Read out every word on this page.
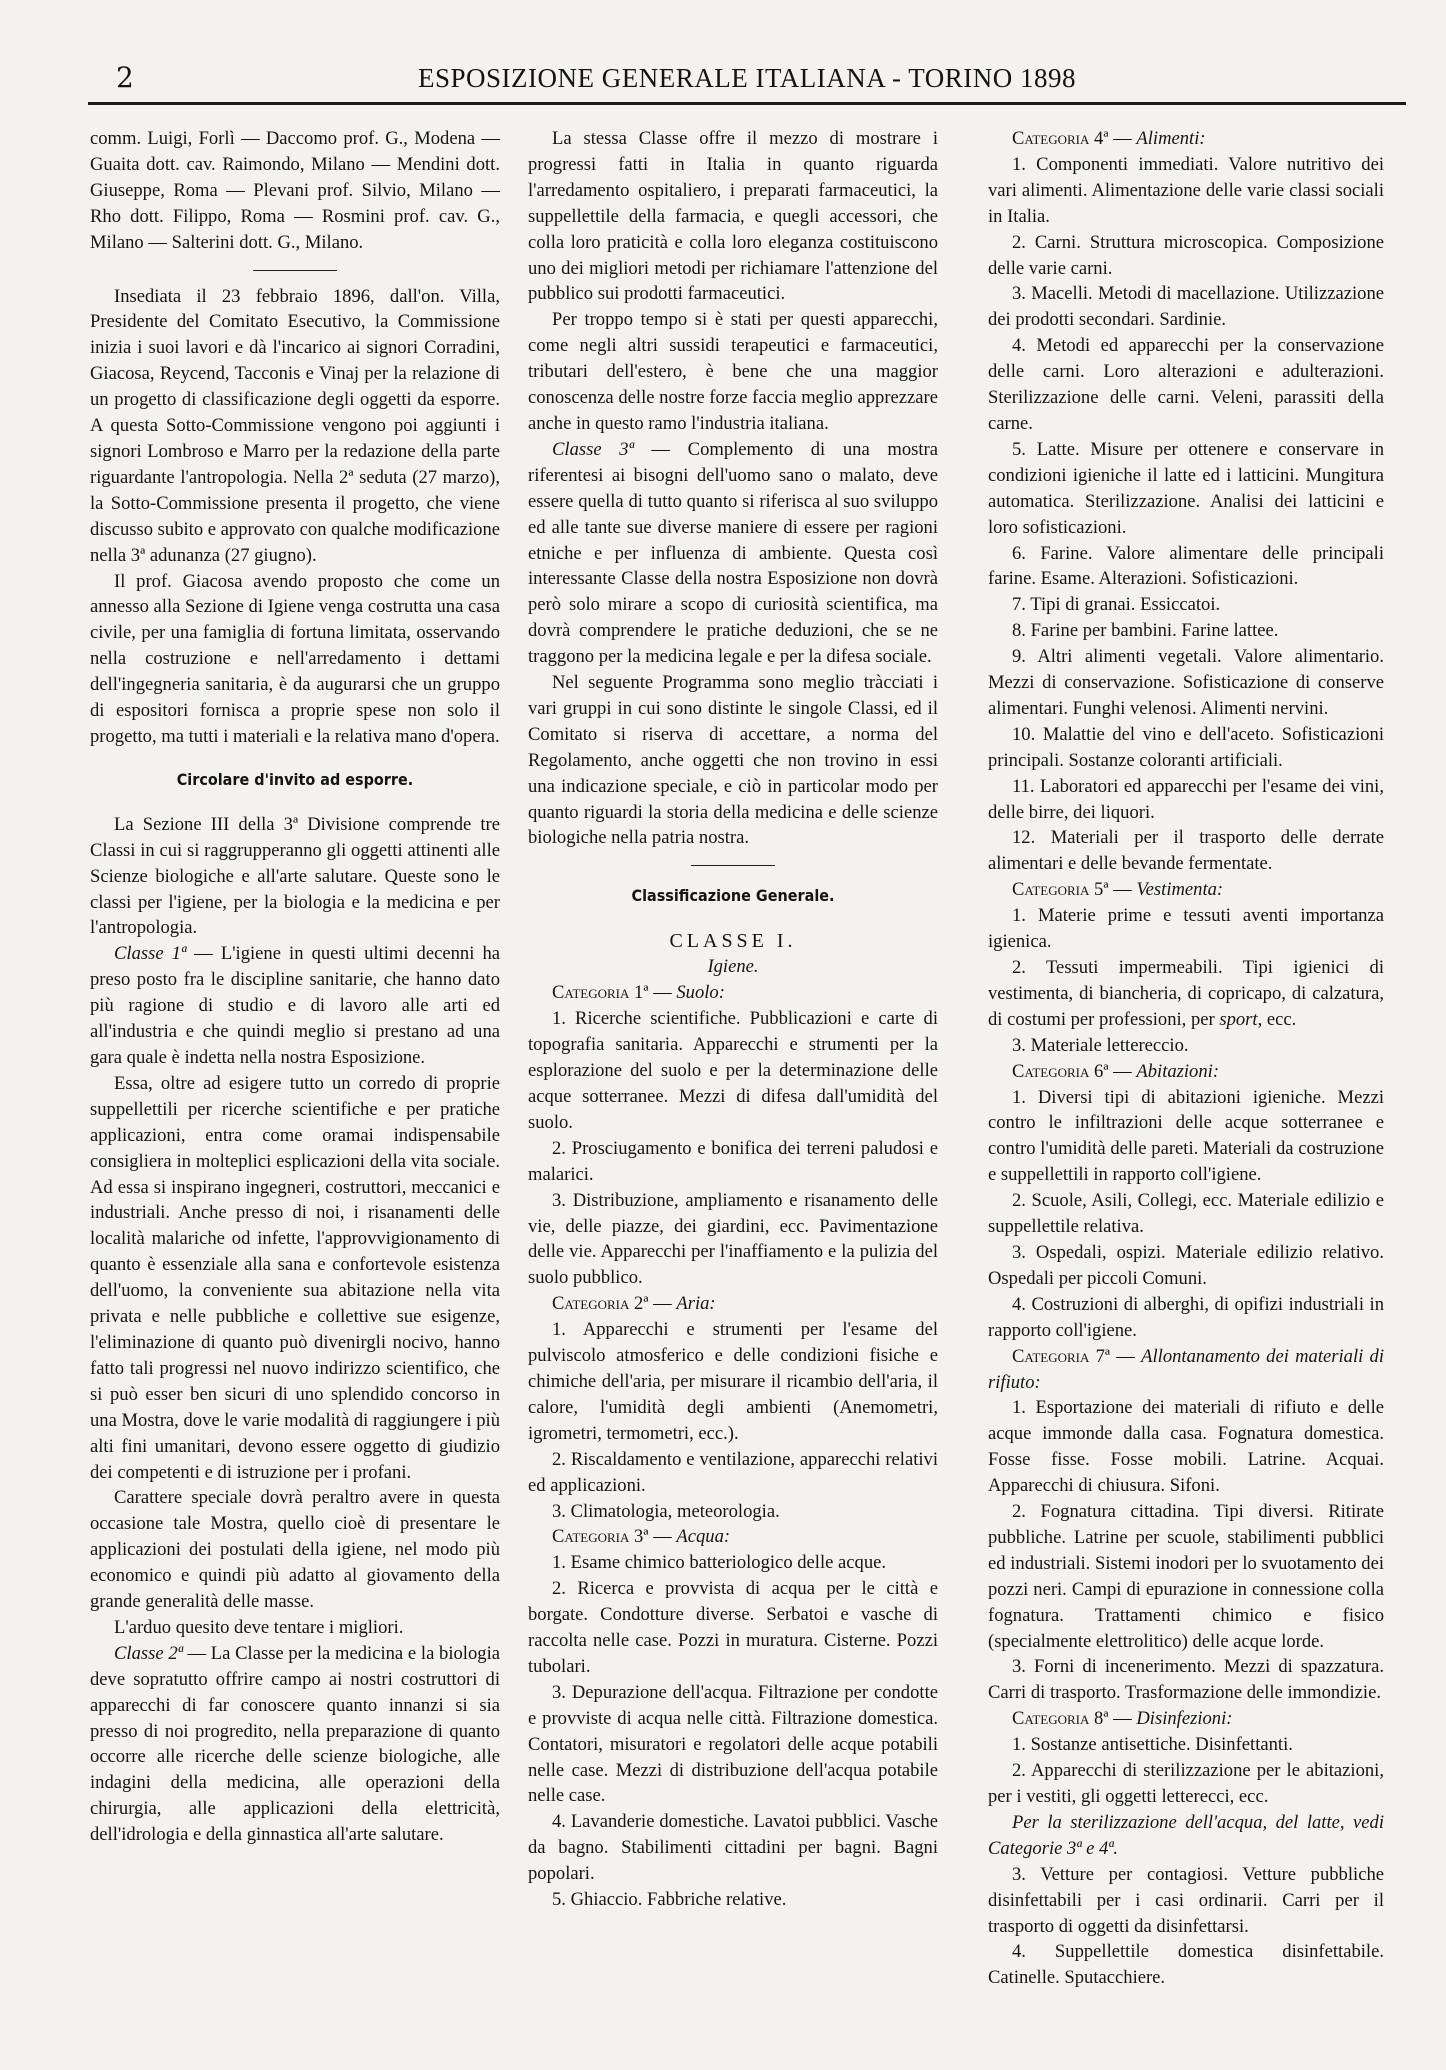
2	ESPOSIZIONE GENERALE ITALIANA - TORINO 1898

comm. Luigi, Forlì — Daccomo prof. G., Modena — Guaita dott. cav. Raimondo, Milano — Mendini dott. Giuseppe, Roma — Plevani prof. Silvio, Milano — Rho dott. Filippo, Roma — Rosmini prof. cav. G., Milano — Salterini dott. G., Milano.

Insediata il 23 febbraio 1896, dall'on. Villa, Presidente del Comitato Esecutivo, la Commissione inizia i suoi lavori e dà l'incarico ai signori Corradini, Giacosa, Reycend, Tacconis e Vinaj per la relazione di un progetto di classificazione degli oggetti da esporre. A questa Sotto-Commissione vengono poi aggiunti i signori Lombroso e Marro per la redazione della parte riguardante l'antropologia. Nella 2ª seduta (27 marzo), la Sotto-Commissione presenta il progetto, che viene discusso subito e approvato con qualche modificazione nella 3ª adunanza (27 giugno).

Il prof. Giacosa avendo proposto che come un annesso alla Sezione di Igiene venga costrutta una casa civile, per una famiglia di fortuna limitata, osservando nella costruzione e nell'arredamento i dettami dell'ingegneria sanitaria, è da augurarsi che un gruppo di espositori fornisca a proprie spese non solo il progetto, ma tutti i materiali e la relativa mano d'opera.

Circolare d'invito ad esporre.

La Sezione III della 3ª Divisione comprende tre Classi in cui si raggrupperanno gli oggetti attinenti alle Scienze biologiche e all'arte salutare. Queste sono le classi per l'igiene, per la biologia e la medicina e per l'antropologia.

Classe 1ª — L'igiene in questi ultimi decenni ha preso posto fra le discipline sanitarie, che hanno dato più ragione di studio e di lavoro alle arti ed all'industria e che quindi meglio si prestano ad una gara quale è indetta nella nostra Esposizione.

Essa, oltre ad esigere tutto un corredo di proprie suppellettili per ricerche scientifiche e per pratiche applicazioni, entra come oramai indispensabile consigliera in molteplici esplicazioni della vita sociale. Ad essa si inspirano ingegneri, costruttori, meccanici e industriali. Anche presso di noi, i risanamenti delle località malariche od infette, l'approvvigionamento di quanto è essenziale alla sana e confortevole esistenza dell'uomo, la conveniente sua abitazione nella vita privata e nelle pubbliche e collettive sue esigenze, l'eliminazione di quanto può divenirgli nocivo, hanno fatto tali progressi nel nuovo indirizzo scientifico, che si può esser ben sicuri di uno splendido concorso in una Mostra, dove le varie modalità di raggiungere i più alti fini umanitari, devono essere oggetto di giudizio dei competenti e di istruzione per i profani.

Carattere speciale dovrà peraltro avere in questa occasione tale Mostra, quello cioè di presentare le applicazioni dei postulati della igiene, nel modo più economico e quindi più adatto al giovamento della grande generalità delle masse.

L'arduo quesito deve tentare i migliori.

Classe 2ª — La Classe per la medicina e la biologia deve sopratutto offrire campo ai nostri costruttori di apparecchi di far conoscere quanto innanzi si sia presso di noi progredito, nella preparazione di quanto occorre alle ricerche delle scienze biologiche, alle indagini della medicina, alle operazioni della chirurgia, alle applicazioni della elettricità, dell'idrologia e della ginnastica all'arte salutare.

La stessa Classe offre il mezzo di mostrare i progressi fatti in Italia in quanto riguarda l'arredamento ospitaliero, i preparati farmaceutici, la suppellettile della farmacia, e quegli accessori, che colla loro praticità e colla loro eleganza costituiscono uno dei migliori metodi per richiamare l'attenzione del pubblico sui prodotti farmaceutici.

Per troppo tempo si è stati per questi apparecchi, come negli altri sussidi terapeutici e farmaceutici, tributari dell'estero, è bene che una maggior conoscenza delle nostre forze faccia meglio apprezzare anche in questo ramo l'industria italiana.

Classe 3ª — Complemento di una mostra riferentesi ai bisogni dell'uomo sano o malato, deve essere quella di tutto quanto si riferisca al suo sviluppo ed alle tante sue diverse maniere di essere per ragioni etniche e per influenza di ambiente. Questa così interessante Classe della nostra Esposizione non dovrà però solo mirare a scopo di curiosità scientifica, ma dovrà comprendere le pratiche deduzioni, che se ne traggono per la medicina legale e per la difesa sociale.

Nel seguente Programma sono meglio tràcciati i vari gruppi in cui sono distinte le singole Classi, ed il Comitato si riserva di accettare, a norma del Regolamento, anche oggetti che non trovino in essi una indicazione speciale, e ciò in particolar modo per quanto riguardi la storia della medicina e delle scienze biologiche nella patria nostra.

Classificazione Generale.
CLASSE I.
Igiene.

Categoria 1ª — Suolo:

1. Ricerche scientifiche. Pubblicazioni e carte di topografia sanitaria. Apparecchi e strumenti per la esplorazione del suolo e per la determinazione delle acque sotterranee. Mezzi di difesa dall'umidità del suolo.

2. Prosciugamento e bonifica dei terreni paludosi e malarici.

3. Distribuzione, ampliamento e risanamento delle vie, delle piazze, dei giardini, ecc. Pavimentazione delle vie. Apparecchi per l'inaffiamento e la pulizia del suolo pubblico.

Categoria 2ª — Aria:

1. Apparecchi e strumenti per l'esame del pulviscolo atmosferico e delle condizioni fisiche e chimiche dell'aria, per misurare il ricambio dell'aria, il calore, l'umidità degli ambienti (Anemometri, igrometri, termometri, ecc.).

2. Riscaldamento e ventilazione, apparecchi relativi ed applicazioni.

3. Climatologia, meteorologia.

Categoria 3ª — Acqua:

1. Esame chimico batteriologico delle acque.

2. Ricerca e provvista di acqua per le città e borgate. Condotture diverse. Serbatoi e vasche di raccolta nelle case. Pozzi in muratura. Cisterne. Pozzi tubolari.

3. Depurazione dell'acqua. Filtrazione per condotte e provviste di acqua nelle città. Filtrazione domestica. Contatori, misuratori e regolatori delle acque potabili nelle case. Mezzi di distribuzione dell'acqua potabile nelle case.

4. Lavanderie domestiche. Lavatoi pubblici. Vasche da bagno. Stabilimenti cittadini per bagni. Bagni popolari.

5. Ghiaccio. Fabbriche relative.

Categoria 4ª — Alimenti:

1. Componenti immediati. Valore nutritivo dei vari alimenti. Alimentazione delle varie classi sociali in Italia.

2. Carni. Struttura microscopica. Composizione delle varie carni.

3. Macelli. Metodi di macellazione. Utilizzazione dei prodotti secondari. Sardinie.

4. Metodi ed apparecchi per la conservazione delle carni. Loro alterazioni e adulterazioni. Sterilizzazione delle carni. Veleni, parassiti della carne.

5. Latte. Misure per ottenere e conservare in condizioni igieniche il latte ed i latticini. Mungitura automatica. Sterilizzazione. Analisi dei latticini e loro sofisticazioni.

6. Farine. Valore alimentare delle principali farine. Esame. Alterazioni. Sofisticazioni.

7. Tipi di granai. Essiccatoi.

8. Farine per bambini. Farine lattee.

9. Altri alimenti vegetali. Valore alimentario. Mezzi di conservazione. Sofisticazione di conserve alimentari. Funghi velenosi. Alimenti nervini.

10. Malattie del vino e dell'aceto. Sofisticazioni principali. Sostanze coloranti artificiali.

11. Laboratori ed apparecchi per l'esame dei vini, delle birre, dei liquori.

12. Materiali per il trasporto delle derrate alimentari e delle bevande fermentate.

Categoria 5ª — Vestimenta:

1. Materie prime e tessuti aventi importanza igienica.

2. Tessuti impermeabili. Tipi igienici di vestimenta, di biancheria, di copricapo, di calzatura, di costumi per professioni, per sport, ecc.

3. Materiale lettereccio.

Categoria 6ª — Abitazioni:

1. Diversi tipi di abitazioni igieniche. Mezzi contro le infiltrazioni delle acque sotterranee e contro l'umidità delle pareti. Materiali da costruzione e suppellettili in rapporto coll'igiene.

2. Scuole, Asili, Collegi, ecc. Materiale edilizio e suppellettile relativa.

3. Ospedali, ospizi. Materiale edilizio relativo. Ospedali per piccoli Comuni.

4. Costruzioni di alberghi, di opifizi industriali in rapporto coll'igiene.

Categoria 7ª — Allontanamento dei materiali di rifiuto:

1. Esportazione dei materiali di rifiuto e delle acque immonde dalla casa. Fognatura domestica. Fosse fisse. Fosse mobili. Latrine. Acquai. Apparecchi di chiusura. Sifoni.

2. Fognatura cittadina. Tipi diversi. Ritirate pubbliche. Latrine per scuole, stabilimenti pubblici ed industriali. Sistemi inodori per lo svuotamento dei pozzi neri. Campi di epurazione in connessione colla fognatura. Trattamenti chimico e fisico (specialmente elettrolitico) delle acque lorde.

3. Forni di incenerimento. Mezzi di spazzatura. Carri di trasporto. Trasformazione delle immondizie.

Categoria 8ª — Disinfezioni:

1. Sostanze antisettiche. Disinfettanti.

2. Apparecchi di sterilizzazione per le abitazioni, per i vestiti, gli oggetti letterecci, ecc.

Per la sterilizzazione dell'acqua, del latte, vedi Categorie 3ª e 4ª.

3. Vetture per contagiosi. Vetture pubbliche disinfettabili per i casi ordinarii. Carri per il trasporto di oggetti da disinfettarsi.

4. Suppellettile domestica disinfettabile. Catinelle. Sputacchiere.
